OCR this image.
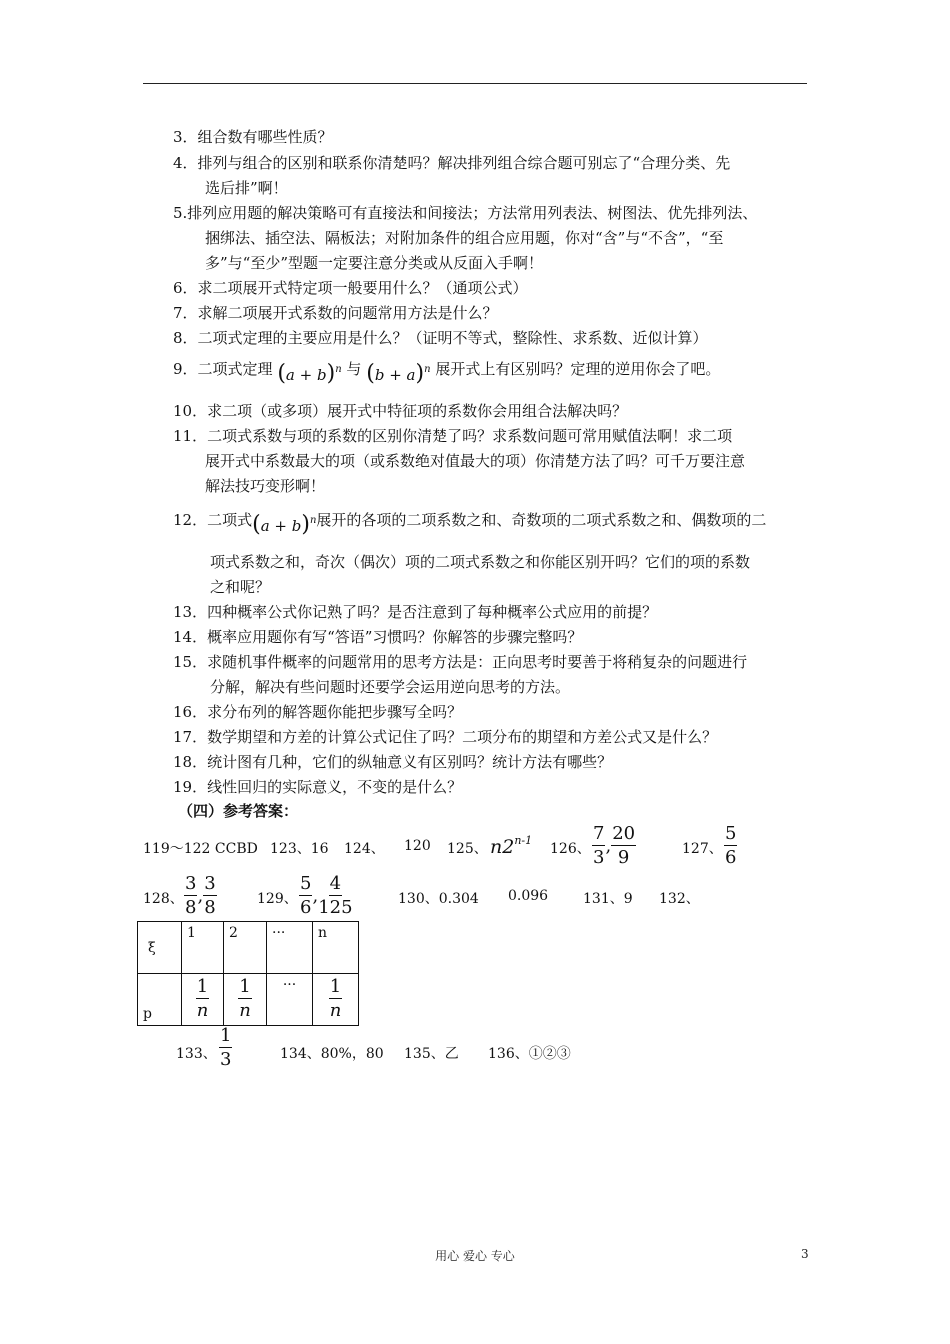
3．组合数有哪些性质？
4．排列与组合的区别和联系你清楚吗？解决排列组合综合题可别忘了“合理分类、先
选后排”啊！
5.排列应用题的解决策略可有直接法和间接法；方法常用列表法、树图法、优先排列法、
捆绑法、插空法、隔板法；对附加条件的组合应用题，你对“含”与“不含”，“至
多”与“至少”型题一定要注意分类或从反面入手啊！
6．求二项展开式特定项一般要用什么？（通项公式）
7．求解二项展开式系数的问题常用方法是什么？
8．二项式定理的主要应用是什么？（证明不等式，整除性、求系数、近似计算）
9．二项式定理 $(a + b)^n$ 与 $(b + a)^n$ 展开式上有区别吗？定理的逆用你会了吧。
10．求二项（或多项）展开式中特征项的系数你会用组合法解决吗？
11．二项式系数与项的系数的区别你清楚了吗？求系数问题可常用赋值法啊！求二项
展开式中系数最大的项（或系数绝对值最大的项）你清楚方法了吗？可千万要注意
解法技巧变形啊！
12．二项式$(a + b)^n$展开的各项的二项系数之和、奇数项的二项式系数之和、偶数项的二
项式系数之和，奇次（偶次）项的二项式系数之和你能区别开吗？它们的项的系数
之和呢？
13．四种概率公式你记熟了吗？是否注意到了每种概率公式应用的前提？
14．概率应用题你有写“答语”习惯吗？你解答的步骤完整吗？
15．求随机事件概率的问题常用的思考方法是：正向思考时要善于将稍复杂的问题进行
分解，解决有些问题时还要学会运用逆向思考的方法。
16．求分布列的解答题你能把步骤写全吗？
17．数学期望和方差的计算公式记住了吗？二项分布的期望和方差公式又是什么？
18．统计图有几种，它们的纵轴意义有区别吗？统计方法有哪些？
19．线性回归的实际意义，不变的是什么？
（四）参考答案：
119～122 CCBD 123、16 124、 120 125、 n2$^{n-1}$
126、 $\frac{7}{3}$ , $\frac{20}{9}$	127、 $\frac{5}{6}$
128、 $\frac{3}{8}$ , $\frac{3}{8}$	129、 $\frac{5}{6}$ , $\frac{4}{125}$	130、0.304 0.096 131、9 132、
ξ	1	2	···	n
p	$\frac{1}{n}$	$\frac{1}{n}$	···	$\frac{1}{n}$
133、 $\frac{1}{3}$	134、80%，80 135、乙 136、①②③
用心 爱心 专心	3
